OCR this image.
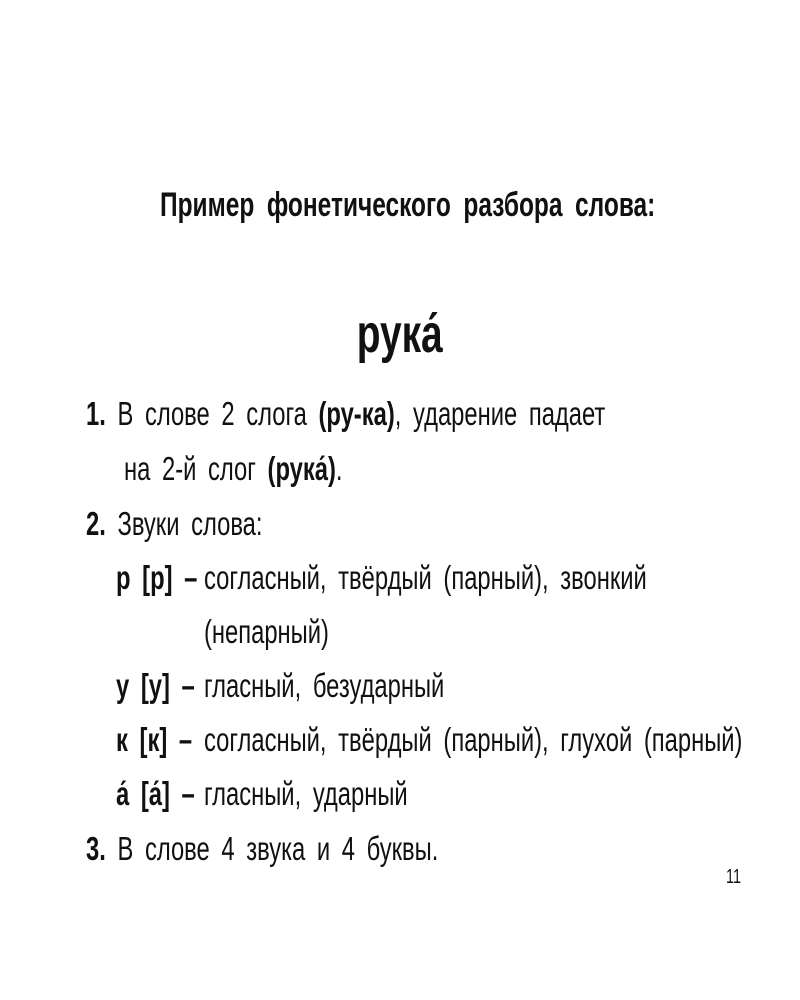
Пример фонетического разбора слова:
рука́
1. В слове 2 слога (ру-ка), ударение падает
на 2-й слог (рука́).
2. Звуки слова:
р [р] – согласный, твёрдый (парный), звонкий
(непарный)
у [у] – гласный, безударный
к [к] – согласный, твёрдый (парный), глухой (парный)
а́ [а́] – гласный, ударный
3. В слове 4 звука и 4 буквы.
11
